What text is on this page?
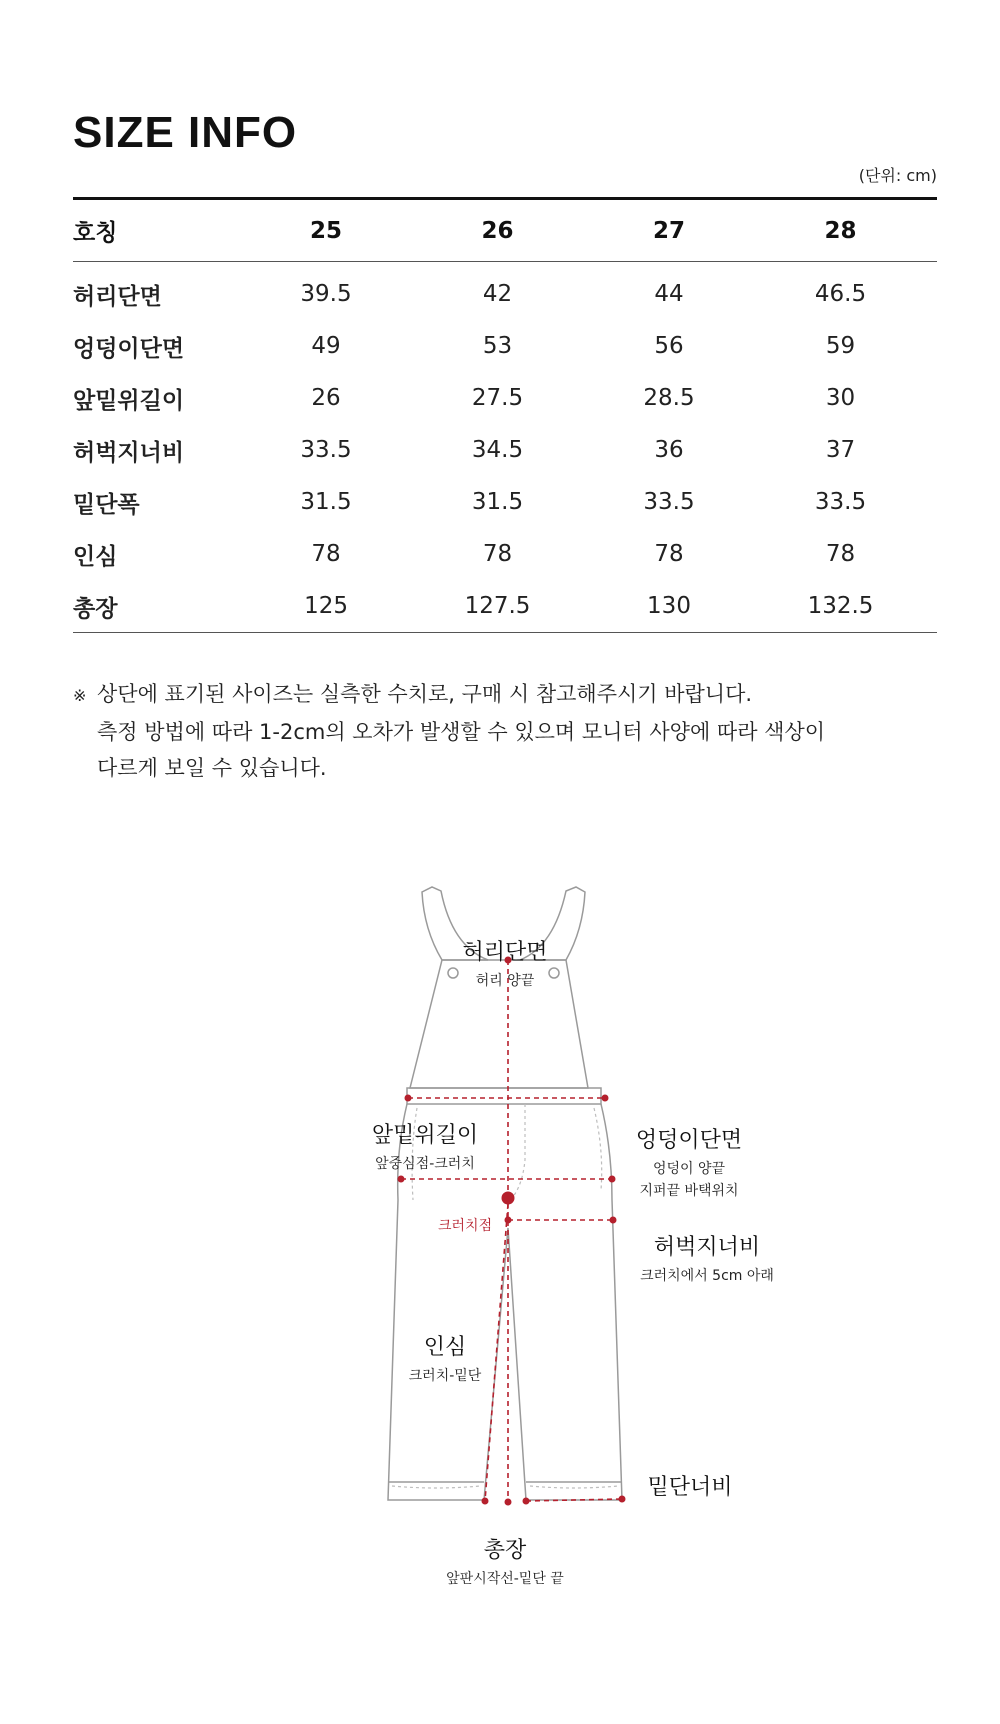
SIZE INFO
(단위: cm)
호칭	25	26	27	28
허리단면	39.5	42	44	46.5
엉덩이단면	49	53	56	59
앞밑위길이	26	27.5	28.5	30
허벅지너비	33.5	34.5	36	37
밑단폭	31.5	31.5	33.5	33.5
인심	78	78	78	78
총장	125	127.5	130	132.5
※ 상단에 표기된 사이즈는 실측한 수치로, 구매 시 참고해주시기 바랍니다.
측정 방법에 따라 1-2cm의 오차가 발생할 수 있으며 모니터 사양에 따라 색상이
다르게 보일 수 있습니다.
허리단면
허리 양끝
앞밑위길이
앞중심점-크러치
크러치점
엉덩이단면
엉덩이 양끝
지퍼끝 바택위치
허벅지너비
크러치에서 5cm 아래
인심
크러치-밑단
밑단너비
총장
앞판시작선-밑단 끝
